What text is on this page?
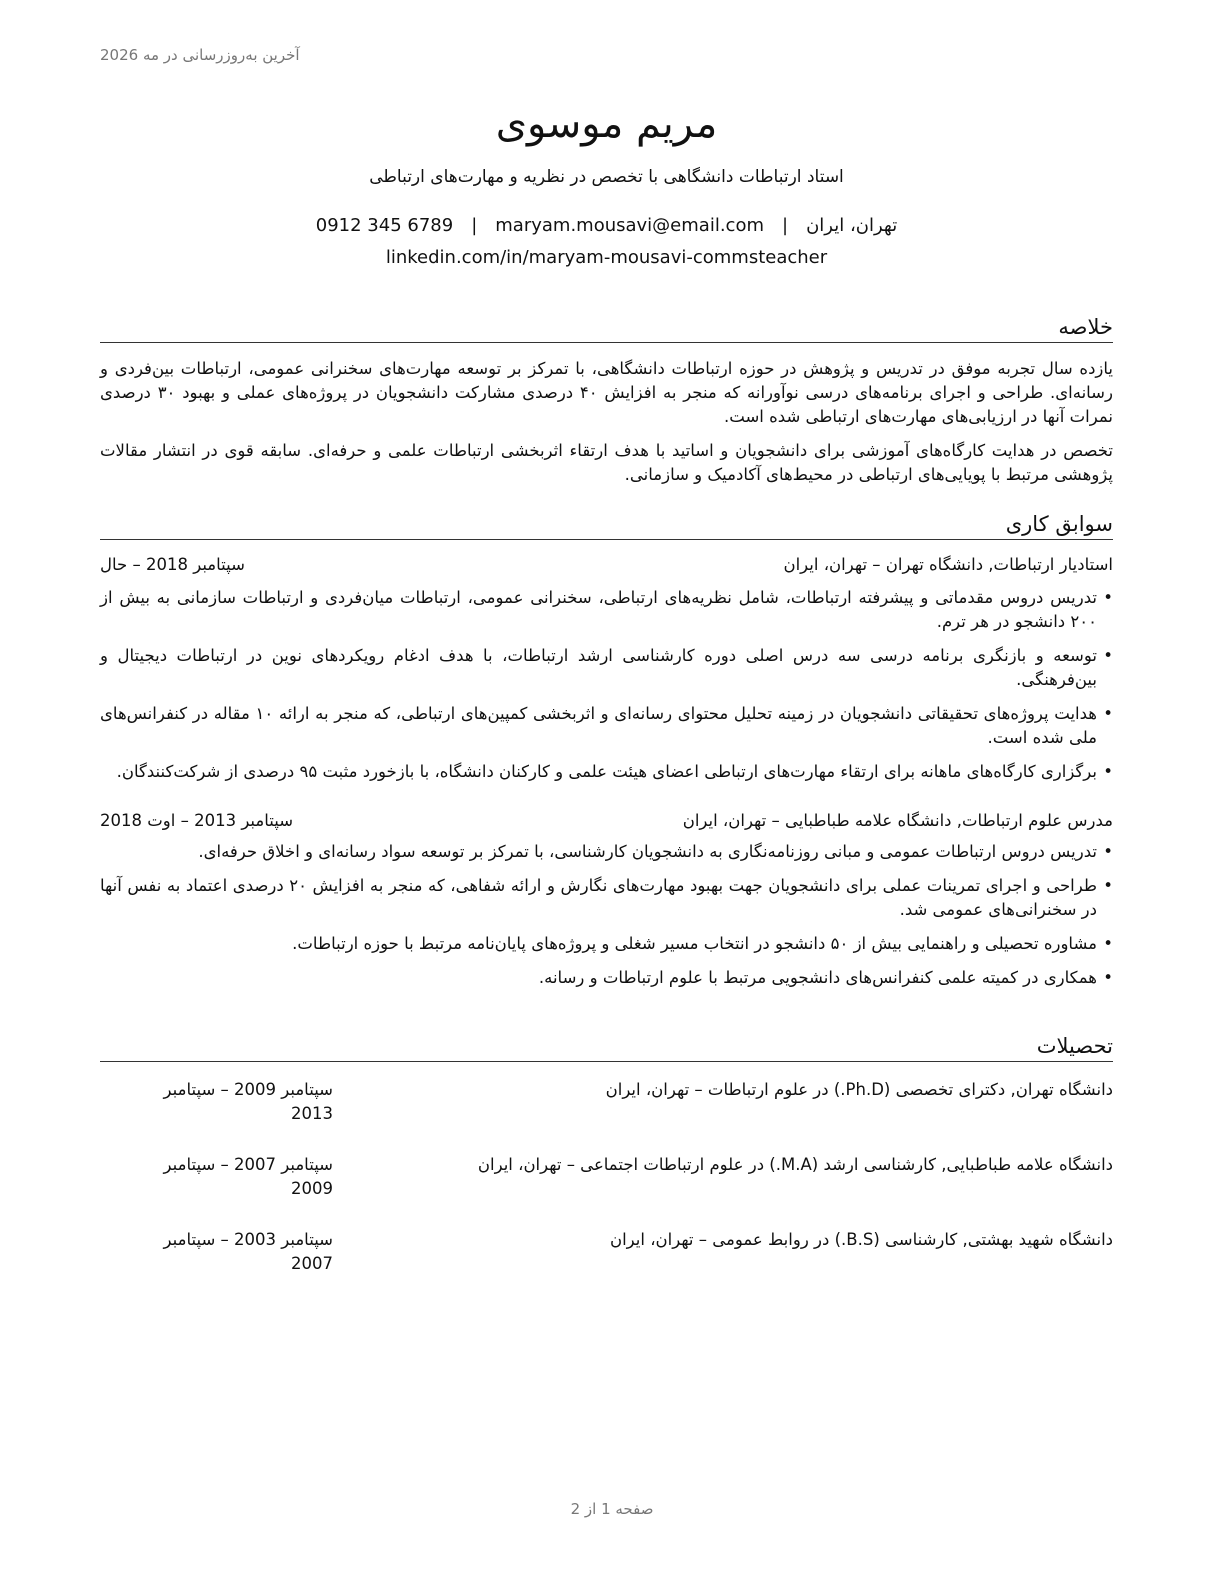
آخرین به‌روزرسانی در مه 2026
مریم موسوی
استاد ارتباطات دانشگاهی با تخصص در نظریه و مهارت‌های ارتباطی
تهران، ایران|maryam.mousavi@email.com|0912 345 6789
linkedin.com/in/maryam-mousavi-commsteacher
خلاصه

یازده سال تجربه موفق در تدریس و پژوهش در حوزه ارتباطات دانشگاهی، با تمرکز بر توسعه مهارت‌های سخنرانی عمومی، ارتباطات بین‌فردی و رسانه‌ای. طراحی و اجرای برنامه‌های درسی نوآورانه که منجر به افزایش ۴۰ درصدی مشارکت دانشجویان در پروژه‌های عملی و بهبود ۳۰ درصدی نمرات آنها در ارزیابی‌های مهارت‌های ارتباطی شده است.

تخصص در هدایت کارگاه‌های آموزشی برای دانشجویان و اساتید با هدف ارتقاء اثربخشی ارتباطات علمی و حرفه‌ای. سابقه قوی در انتشار مقالات پژوهشی مرتبط با پویایی‌های ارتباطی در محیط‌های آکادمیک و سازمانی.

سوابق کاری
استادیار ارتباطات, دانشگاه تهران – تهران، ایران
سپتامبر 2018 – حال
• تدریس دروس مقدماتی و پیشرفته ارتباطات، شامل نظریه‌های ارتباطی، سخنرانی عمومی، ارتباطات میان‌فردی و ارتباطات سازمانی به بیش از ۲۰۰ دانشجو در هر ترم.
• توسعه و بازنگری برنامه درسی سه درس اصلی دوره کارشناسی ارشد ارتباطات، با هدف ادغام رویکردهای نوین در ارتباطات دیجیتال و بین‌فرهنگی.
• هدایت پروژه‌های تحقیقاتی دانشجویان در زمینه تحلیل محتوای رسانه‌ای و اثربخشی کمپین‌های ارتباطی، که منجر به ارائه ۱۰ مقاله در کنفرانس‌های ملی شده است.
• برگزاری کارگاه‌های ماهانه برای ارتقاء مهارت‌های ارتباطی اعضای هیئت علمی و کارکنان دانشگاه، با بازخورد مثبت ۹۵ درصدی از شرکت‌کنندگان.
مدرس علوم ارتباطات, دانشگاه علامه طباطبایی – تهران، ایران
سپتامبر 2013 – اوت 2018
• تدریس دروس ارتباطات عمومی و مبانی روزنامه‌نگاری به دانشجویان کارشناسی، با تمرکز بر توسعه سواد رسانه‌ای و اخلاق حرفه‌ای.
• طراحی و اجرای تمرینات عملی برای دانشجویان جهت بهبود مهارت‌های نگارش و ارائه شفاهی، که منجر به افزایش ۲۰ درصدی اعتماد به نفس آنها در سخنرانی‌های عمومی شد.
• مشاوره تحصیلی و راهنمایی بیش از ۵۰ دانشجو در انتخاب مسیر شغلی و پروژه‌های پایان‌نامه مرتبط با حوزه ارتباطات.
• همکاری در کمیته علمی کنفرانس‌های دانشجویی مرتبط با علوم ارتباطات و رسانه.
تحصیلات
دانشگاه تهران, دکترای تخصصی (Ph.D.) در علوم ارتباطات – تهران، ایران
سپتامبر 2009 – سپتامبر
2013
دانشگاه علامه طباطبایی, کارشناسی ارشد (M.A.) در علوم ارتباطات اجتماعی – تهران، ایران
سپتامبر 2007 – سپتامبر
2009
دانشگاه شهید بهشتی, کارشناسی (B.S.) در روابط عمومی – تهران، ایران
سپتامبر 2003 – سپتامبر
2007
صفحه 1 از 2
